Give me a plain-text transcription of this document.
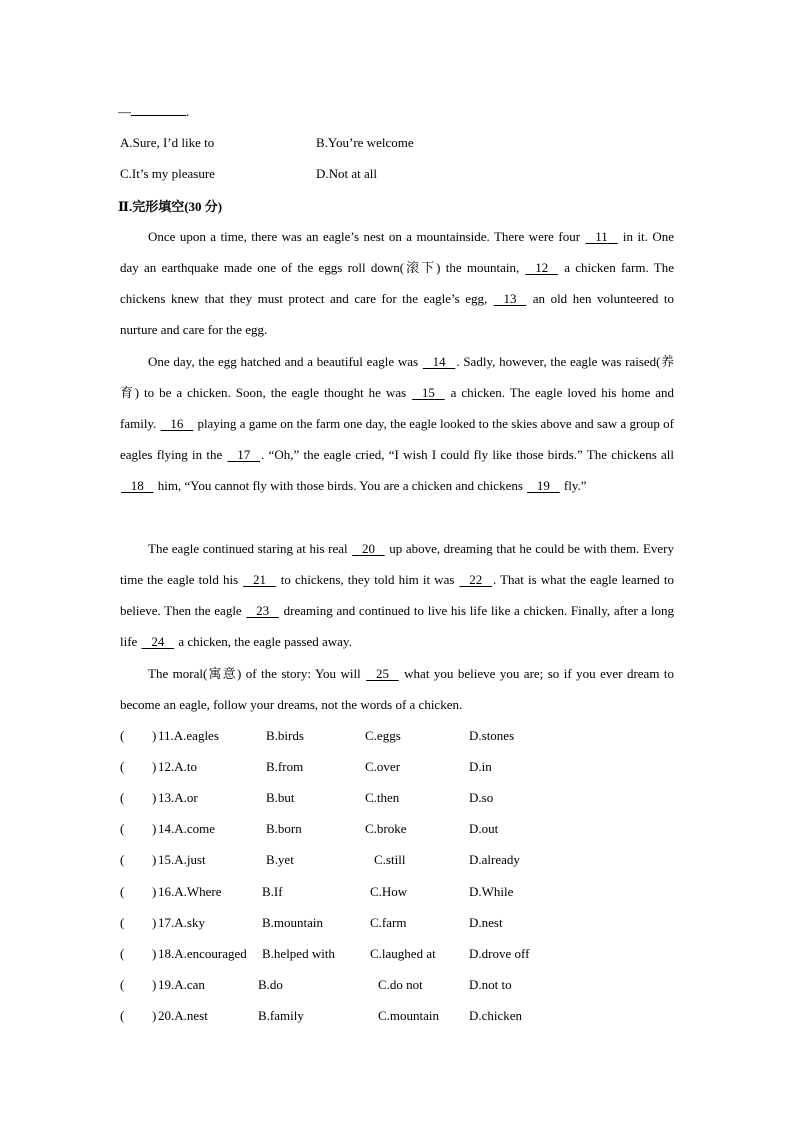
—	.
A.Sure, I’d like to	B.You’re welcome
C.It’s my pleasure	D.Not at all
Ⅱ.完形填空(30 分)

Once upon a time, there was an eagle’s nest on a mountainside. There were four    11    in it. One day an earthquake made one of the eggs roll down(滚下) the mountain,    12    a chicken farm. The chickens knew that they must protect and care for the eagle’s egg,    13    an old hen volunteered to nurture and care for the egg.

One day, the egg hatched and a beautiful eagle was    14 . Sadly, however, the eagle was raised(养育) to be a chicken. Soon, the eagle thought he was    15    a chicken. The eagle loved his home and family.    16    playing a game on the farm one day, the eagle looked to the skies above and saw a group of eagles flying in the    17 . “Oh,” the eagle cried, “I wish I could fly like those birds.” The chickens all    18    him, “You cannot fly with those birds. You are a chicken and chickens    19    fly.”

The eagle continued staring at his real    20    up above, dreaming that he could be with them. Every time the eagle told his    21    to chickens, they told him it was    22 . That is what the eagle learned to believe. Then the eagle    23    dreaming and continued to live his life like a chicken. Finally, after a long life    24    a chicken, the eagle passed away.

The moral(寓意) of the story: You will    25    what you believe you are; so if you ever dream to become an eagle, follow your dreams, not the words of a chicken.

( ) 11.A.eagles	B.birds	C.eggs	D.stones
( ) 12.A.to	B.from	C.over	D.in
( ) 13.A.or	B.but	C.then	D.so
( ) 14.A.come	B.born	C.broke	D.out
( ) 15.A.just	B.yet	C.still	D.already
( ) 16.A.Where	B.If	C.How	D.While
( ) 17.A.sky	B.mountain	C.farm	D.nest
( ) 18.A.encouraged B.helped with	C.laughed at	D.drove off
( ) 19.A.can	B.do	C.do not	D.not to
( ) 20.A.nest	B.family	C.mountain D.chicken
